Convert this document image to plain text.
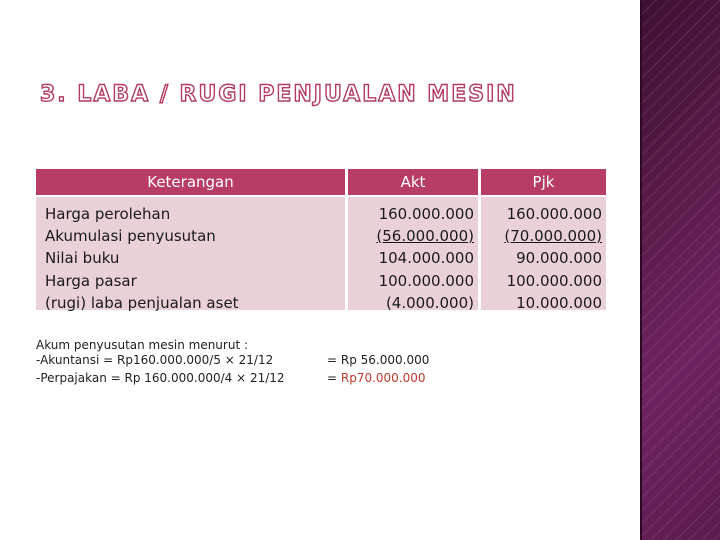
3. LABA / RUGI PENJUALAN MESIN
Keterangan	Akt	Pjk
Harga perolehan
Akumulasi penyusutan
Nilai buku
Harga pasar
(rugi) laba penjualan aset
160.000.000
(56.000.000)
104.000.000
100.000.000
(4.000.000)
160.000.000
(70.000.000)
90.000.000
100.000.000
10.000.000
Akum penyusutan mesin menurut :
-Akuntansi = Rp160.000.000/5 × 21/12
-Perpajakan = Rp 160.000.000/4 × 21/12
= Rp 56.000.000
= Rp70.000.000
